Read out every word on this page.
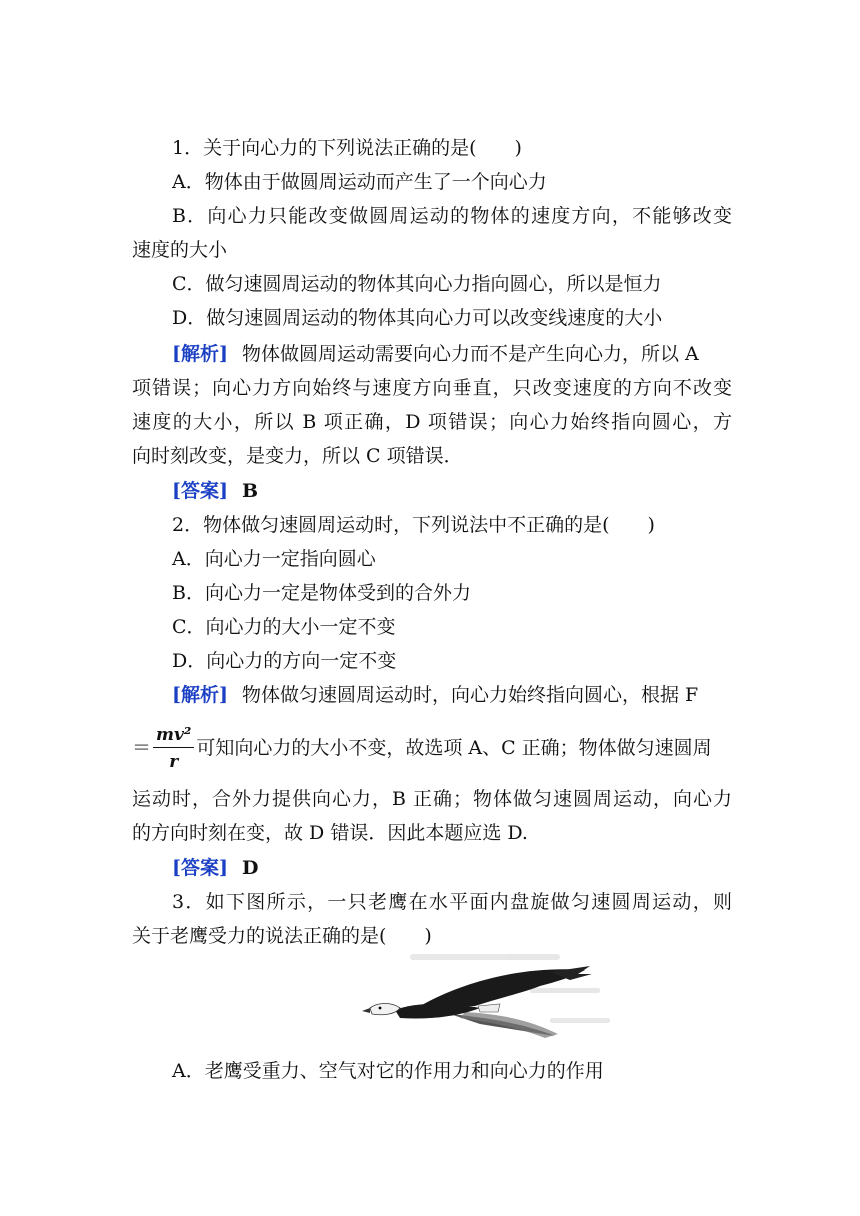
1．关于向心力的下列说法正确的是(　　)
A．物体由于做圆周运动而产生了一个向心力
B．向心力只能改变做圆周运动的物体的速度方向，不能够改变
速度的大小
C．做匀速圆周运动的物体其向心力指向圆心，所以是恒力
D．做匀速圆周运动的物体其向心力可以改变线速度的大小
[解析] 物体做圆周运动需要向心力而不是产生向心力，所以 A
项错误；向心力方向始终与速度方向垂直，只改变速度的方向不改变
速度的大小，所以 B 项正确，D 项错误；向心力始终指向圆心，方
向时刻改变，是变力，所以 C 项错误．
[答案] B
2．物体做匀速圆周运动时，下列说法中不正确的是(　　)
A．向心力一定指向圆心
B．向心力一定是物体受到的合外力
C．向心力的大小一定不变
D．向心力的方向一定不变
[解析] 物体做匀速圆周运动时，向心力始终指向圆心，根据 F
＝ $\frac{\text{mv²}}{r}$ 可知向心力的大小不变，故选项 A、C 正确；物体做匀速圆周
运动时，合外力提供向心力，B 正确；物体做匀速圆周运动，向心力
的方向时刻在变，故 D 错误．因此本题应选 D.
[答案] D
3．如下图所示，一只老鹰在水平面内盘旋做匀速圆周运动，则
关于老鹰受力的说法正确的是(　　)
A．老鹰受重力、空气对它的作用力和向心力的作用
